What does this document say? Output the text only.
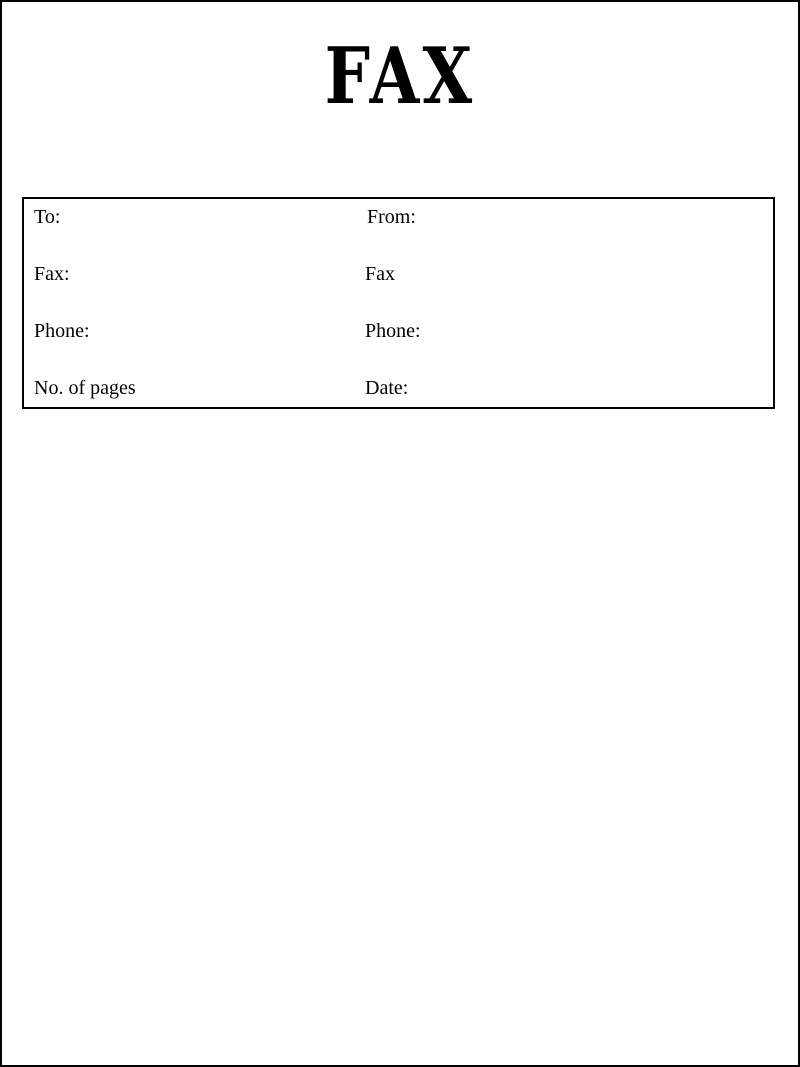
FAX
To:	From:
Fax:	Fax
Phone:	Phone:
No. of pages	Date:
